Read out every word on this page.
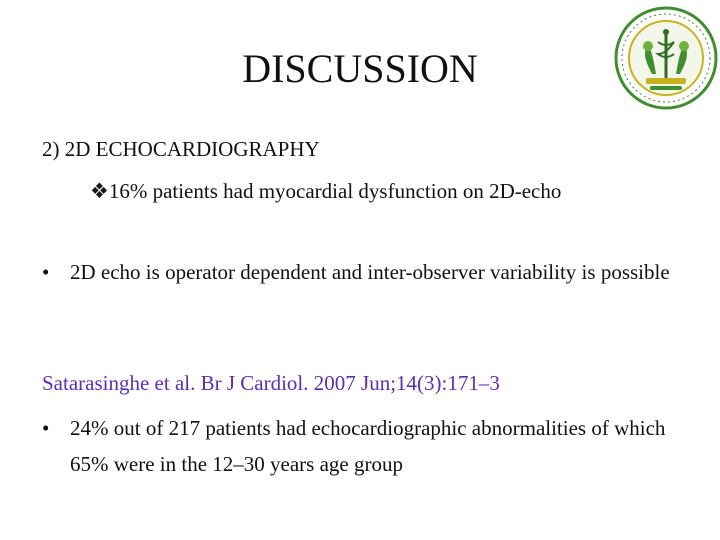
DISCUSSION
2) 2D ECHOCARDIOGRAPHY
❖16% patients had myocardial dysfunction on 2D-echo
• 2D echo is operator dependent and inter-observer variability is possible
Satarasinghe et al. Br J Cardiol. 2007 Jun;14(3):171–3
• 24% out of 217 patients had echocardiographic abnormalities of which 65% were in the 12–30 years age group
